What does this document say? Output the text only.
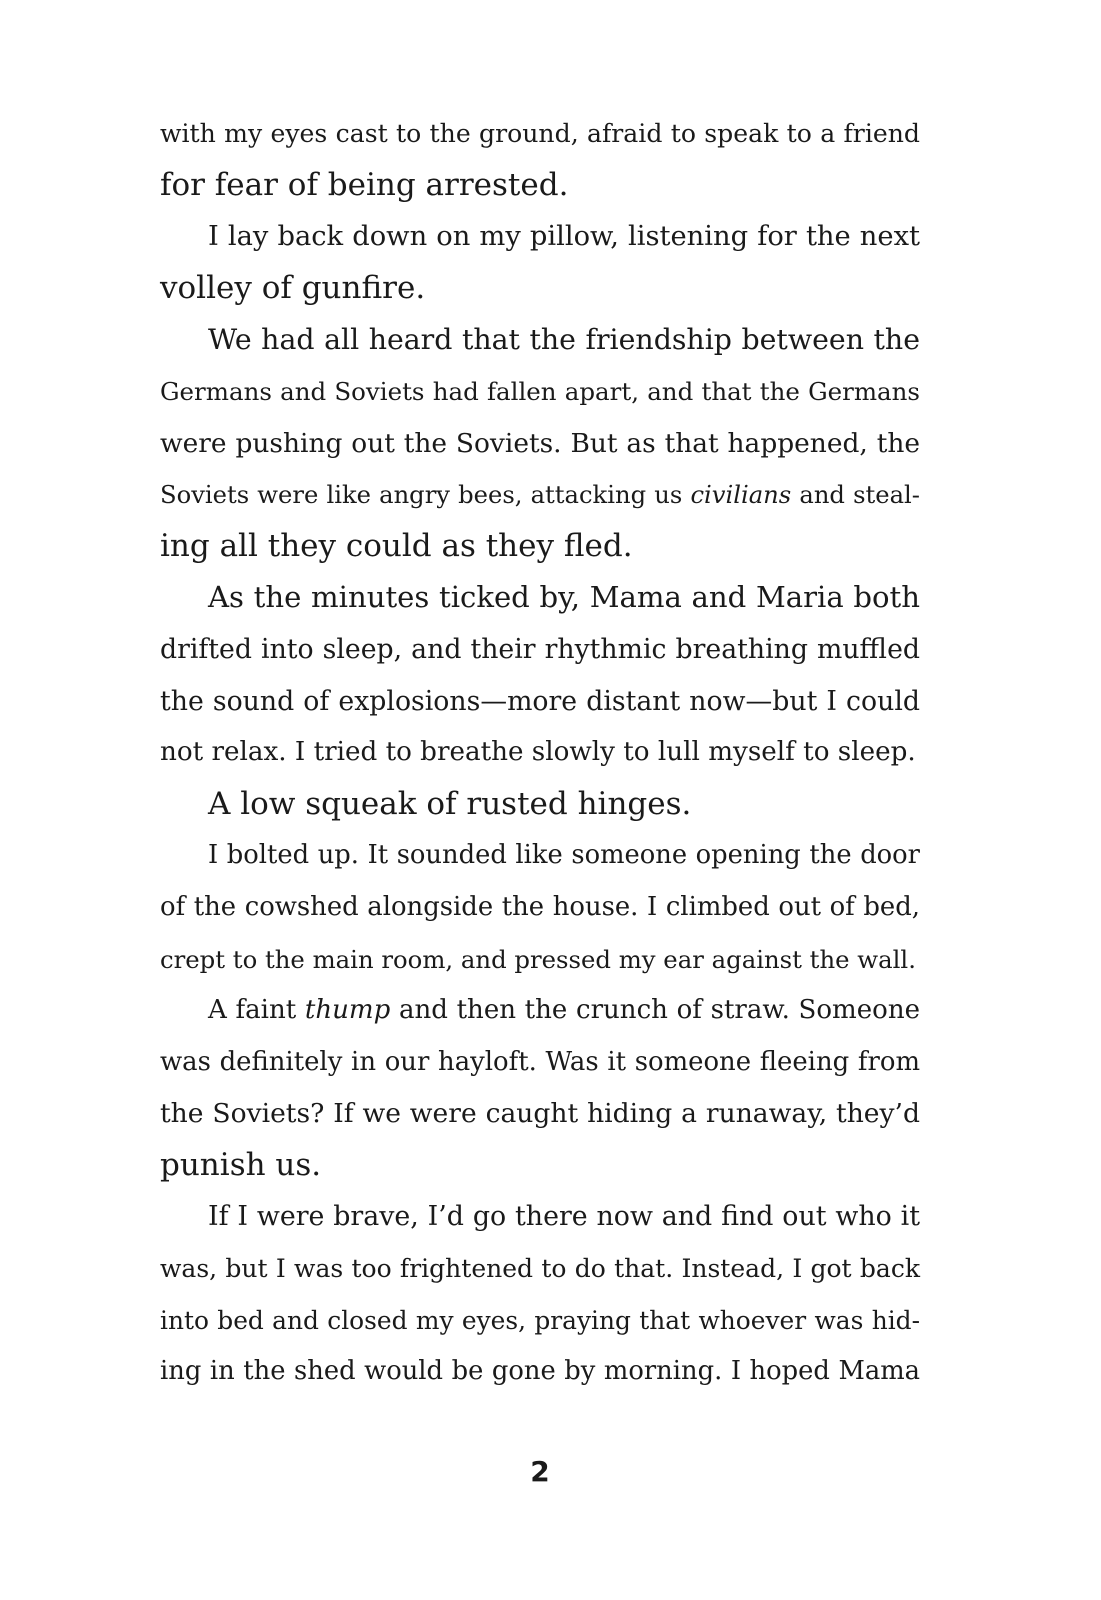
with my eyes cast to the ground, afraid to speak to a friend
for fear of being arrested.
I lay back down on my pillow, listening for the next
volley of gunfire.
We had all heard that the friendship between the
Germans and Soviets had fallen apart, and that the Germans
were pushing out the Soviets. But as that happened, the
Soviets were like angry bees, attacking us civilians and steal-
ing all they could as they fled.
As the minutes ticked by, Mama and Maria both
drifted into sleep, and their rhythmic breathing muffled
the sound of explosions—more distant now—but I could
not relax. I tried to breathe slowly to lull myself to sleep.
A low squeak of rusted hinges.
I bolted up. It sounded like someone opening the door
of the cowshed alongside the house. I climbed out of bed,
crept to the main room, and pressed my ear against the wall.
A faint thump and then the crunch of straw. Someone
was definitely in our hayloft. Was it someone fleeing from
the Soviets? If we were caught hiding a runaway, they’d
punish us.
If I were brave, I’d go there now and find out who it
was, but I was too frightened to do that. Instead, I got back
into bed and closed my eyes, praying that whoever was hid-
ing in the shed would be gone by morning. I hoped Mama
2
